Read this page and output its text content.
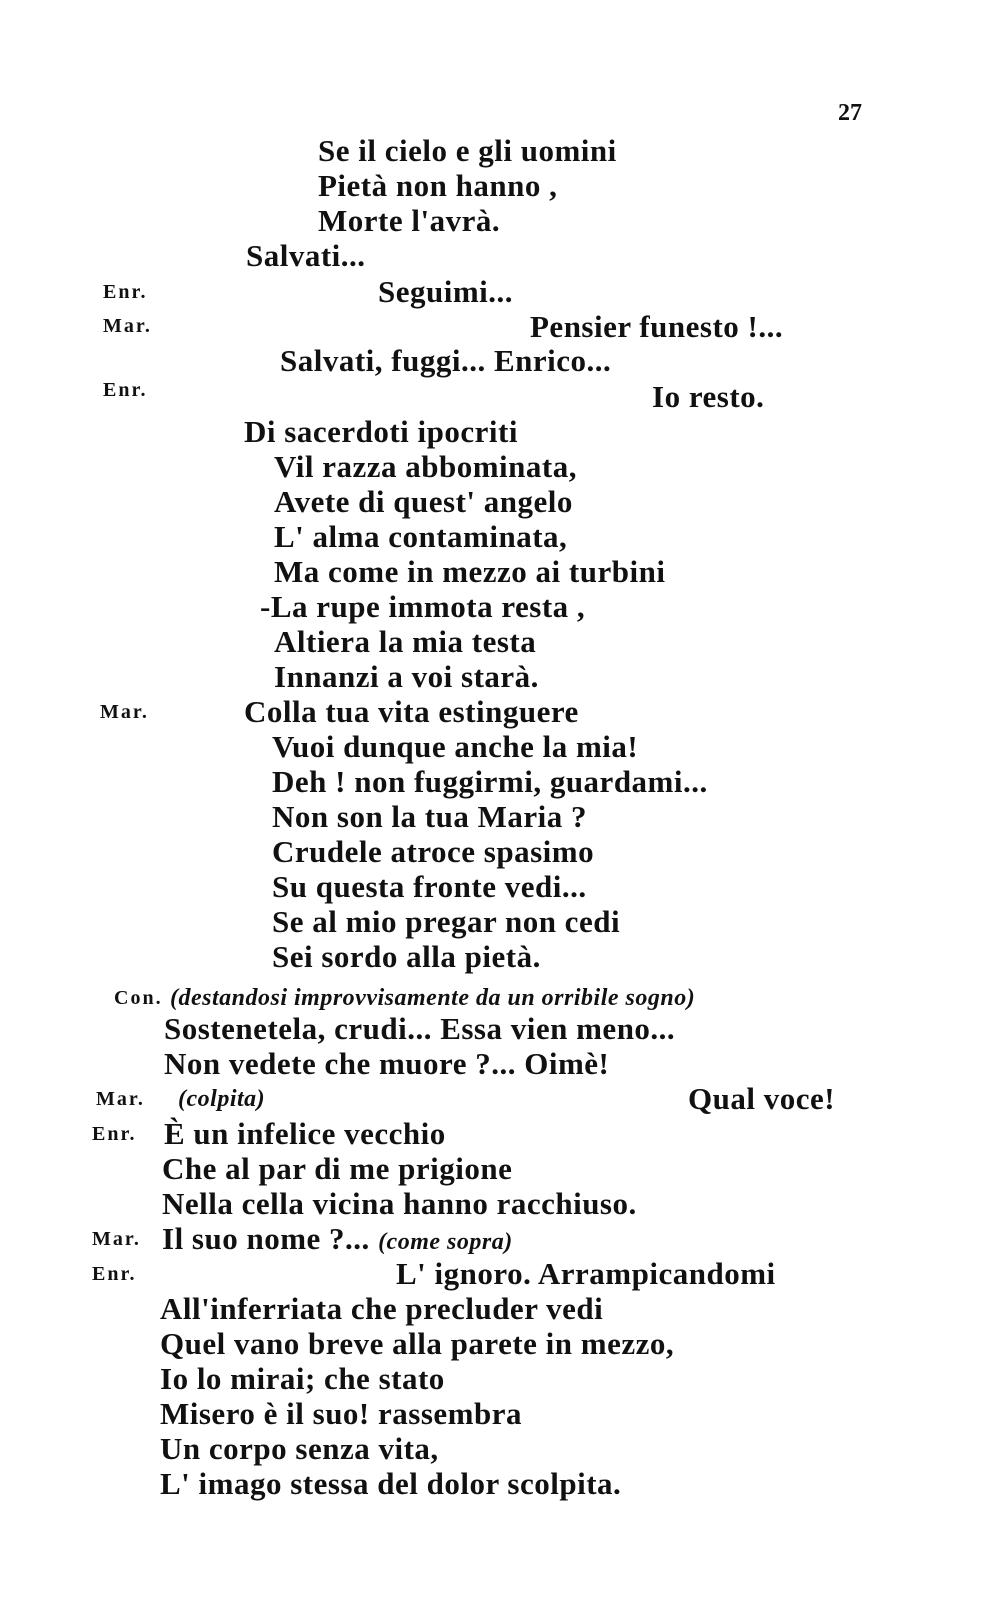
27
Se il cielo e gli uomini
Pietà non hanno ,
Morte l'avrà.
Salvati...
Enr.	Seguimi...
Mar.	Pensier funesto !...
Salvati, fuggi... Enrico...
Enr.	Io resto.
Di sacerdoti ipocriti
Vil razza abbominata,
Avete di quest' angelo
L' alma contaminata,
Ma come in mezzo ai turbini
-La rupe immota resta ,
Altiera la mia testa
Innanzi a voi starà.
Mar.	Colla tua vita estinguere
Vuoi dunque anche la mia!
Deh ! non fuggirmi, guardami...
Non son la tua Maria ?
Crudele atroce spasimo
Su questa fronte vedi...
Se al mio pregar non cedi
Sei sordo alla pietà.
Con. (destandosi improvvisamente da un orribile sogno)
Sostenetela, crudi... Essa vien meno...
Non vedete che muore ?... Oimè!
Mar. (colpita)	Qual voce!
Enr. È un infelice vecchio
Che al par di me prigione
Nella cella vicina hanno racchiuso.
Mar. Il suo nome ?... (come sopra)
Enr.	L' ignoro. Arrampicandomi
All'inferriata che precluder vedi
Quel vano breve alla parete in mezzo,
Io lo mirai; che stato
Misero è il suo! rassembra
Un corpo senza vita,
L' imago stessa del dolor scolpita.
